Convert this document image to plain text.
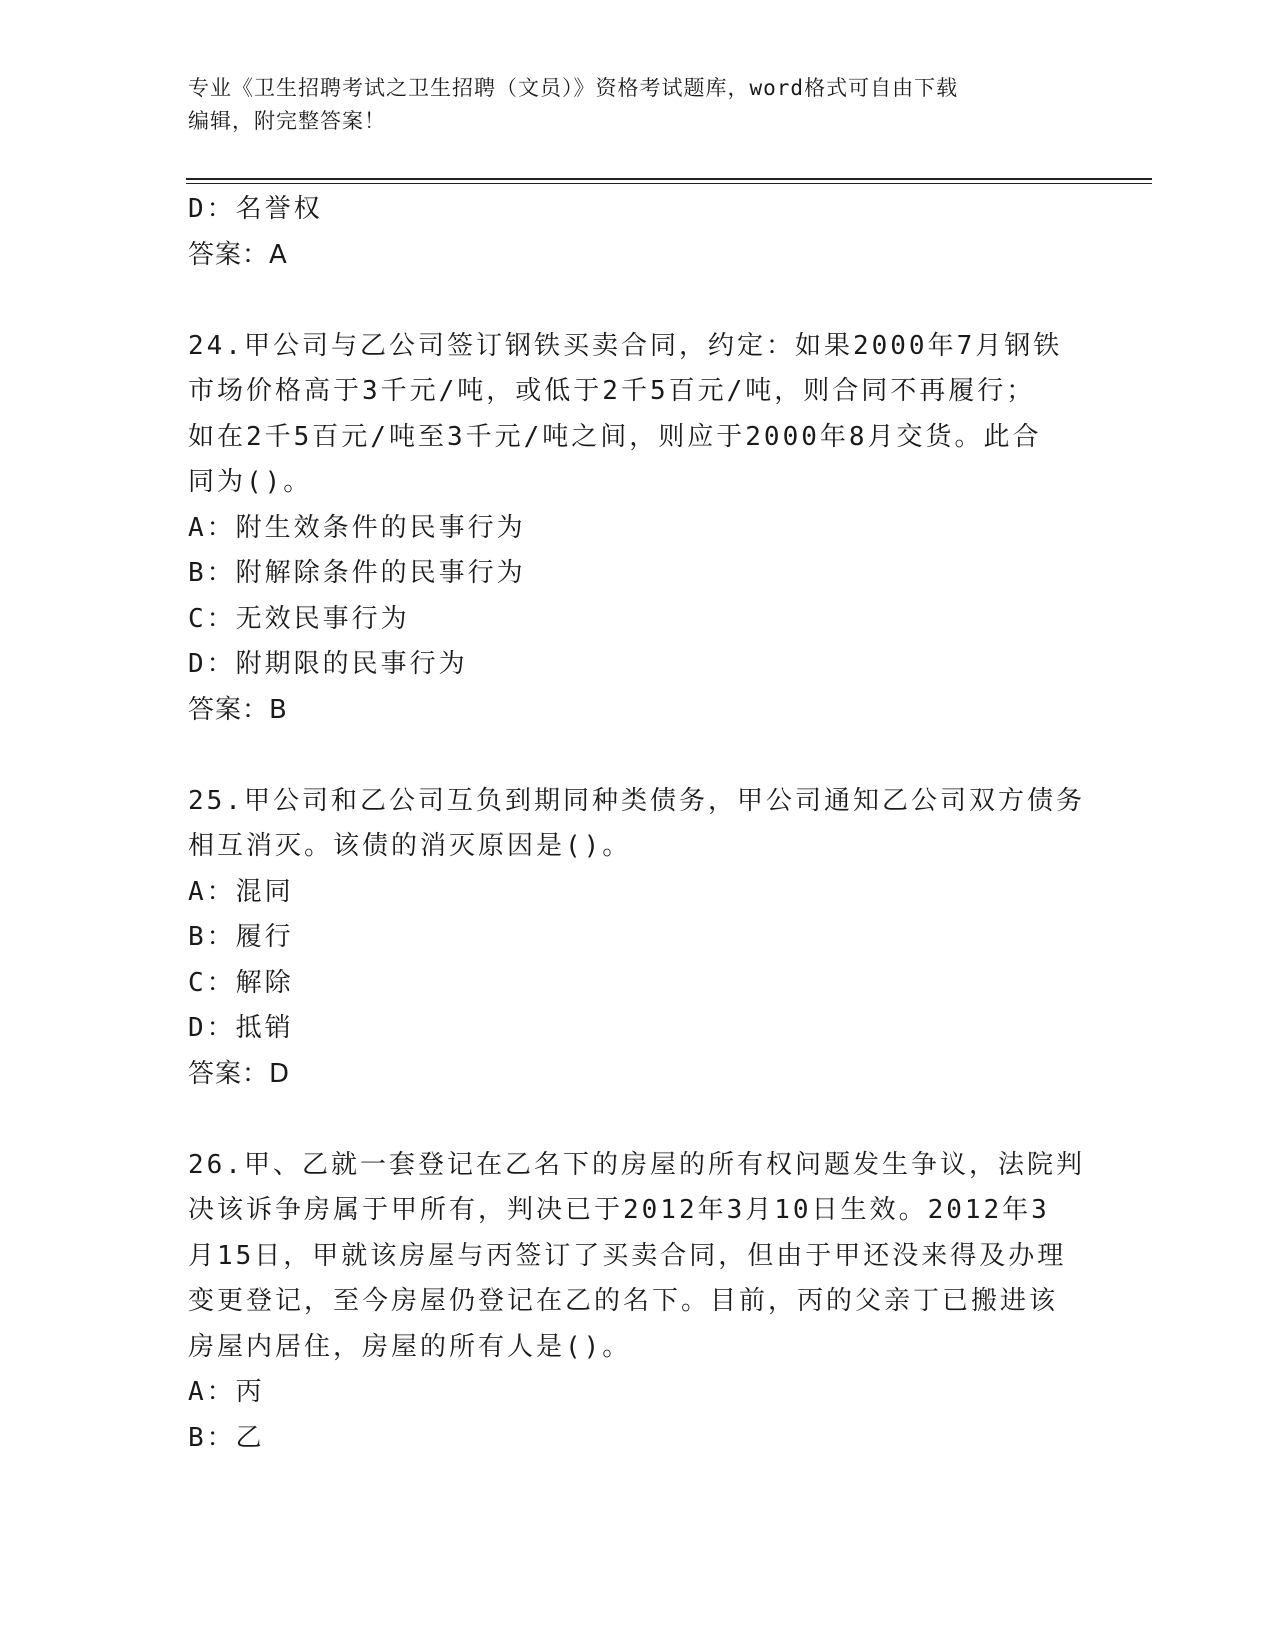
专业《卫生招聘考试之卫生招聘（文员）》资格考试题库，word格式可自由下载
编辑，附完整答案！
D：名誉权
答案：A
24.甲公司与乙公司签订钢铁买卖合同，约定：如果2000年7月钢铁
市场价格高于3千元/吨，或低于2千5百元/吨，则合同不再履行；
如在2千5百元/吨至3千元/吨之间，则应于2000年8月交货。此合
同为()。
A：附生效条件的民事行为
B：附解除条件的民事行为
C：无效民事行为
D：附期限的民事行为
答案：B
25.甲公司和乙公司互负到期同种类债务，甲公司通知乙公司双方债务
相互消灭。该债的消灭原因是()。
A：混同
B：履行
C：解除
D：抵销
答案：D
26.甲、乙就一套登记在乙名下的房屋的所有权问题发生争议，法院判
决该诉争房属于甲所有，判决已于2012年3月10日生效。2012年3
月15日，甲就该房屋与丙签订了买卖合同，但由于甲还没来得及办理
变更登记，至今房屋仍登记在乙的名下。目前，丙的父亲丁已搬进该
房屋内居住，房屋的所有人是()。
A：丙
B：乙
